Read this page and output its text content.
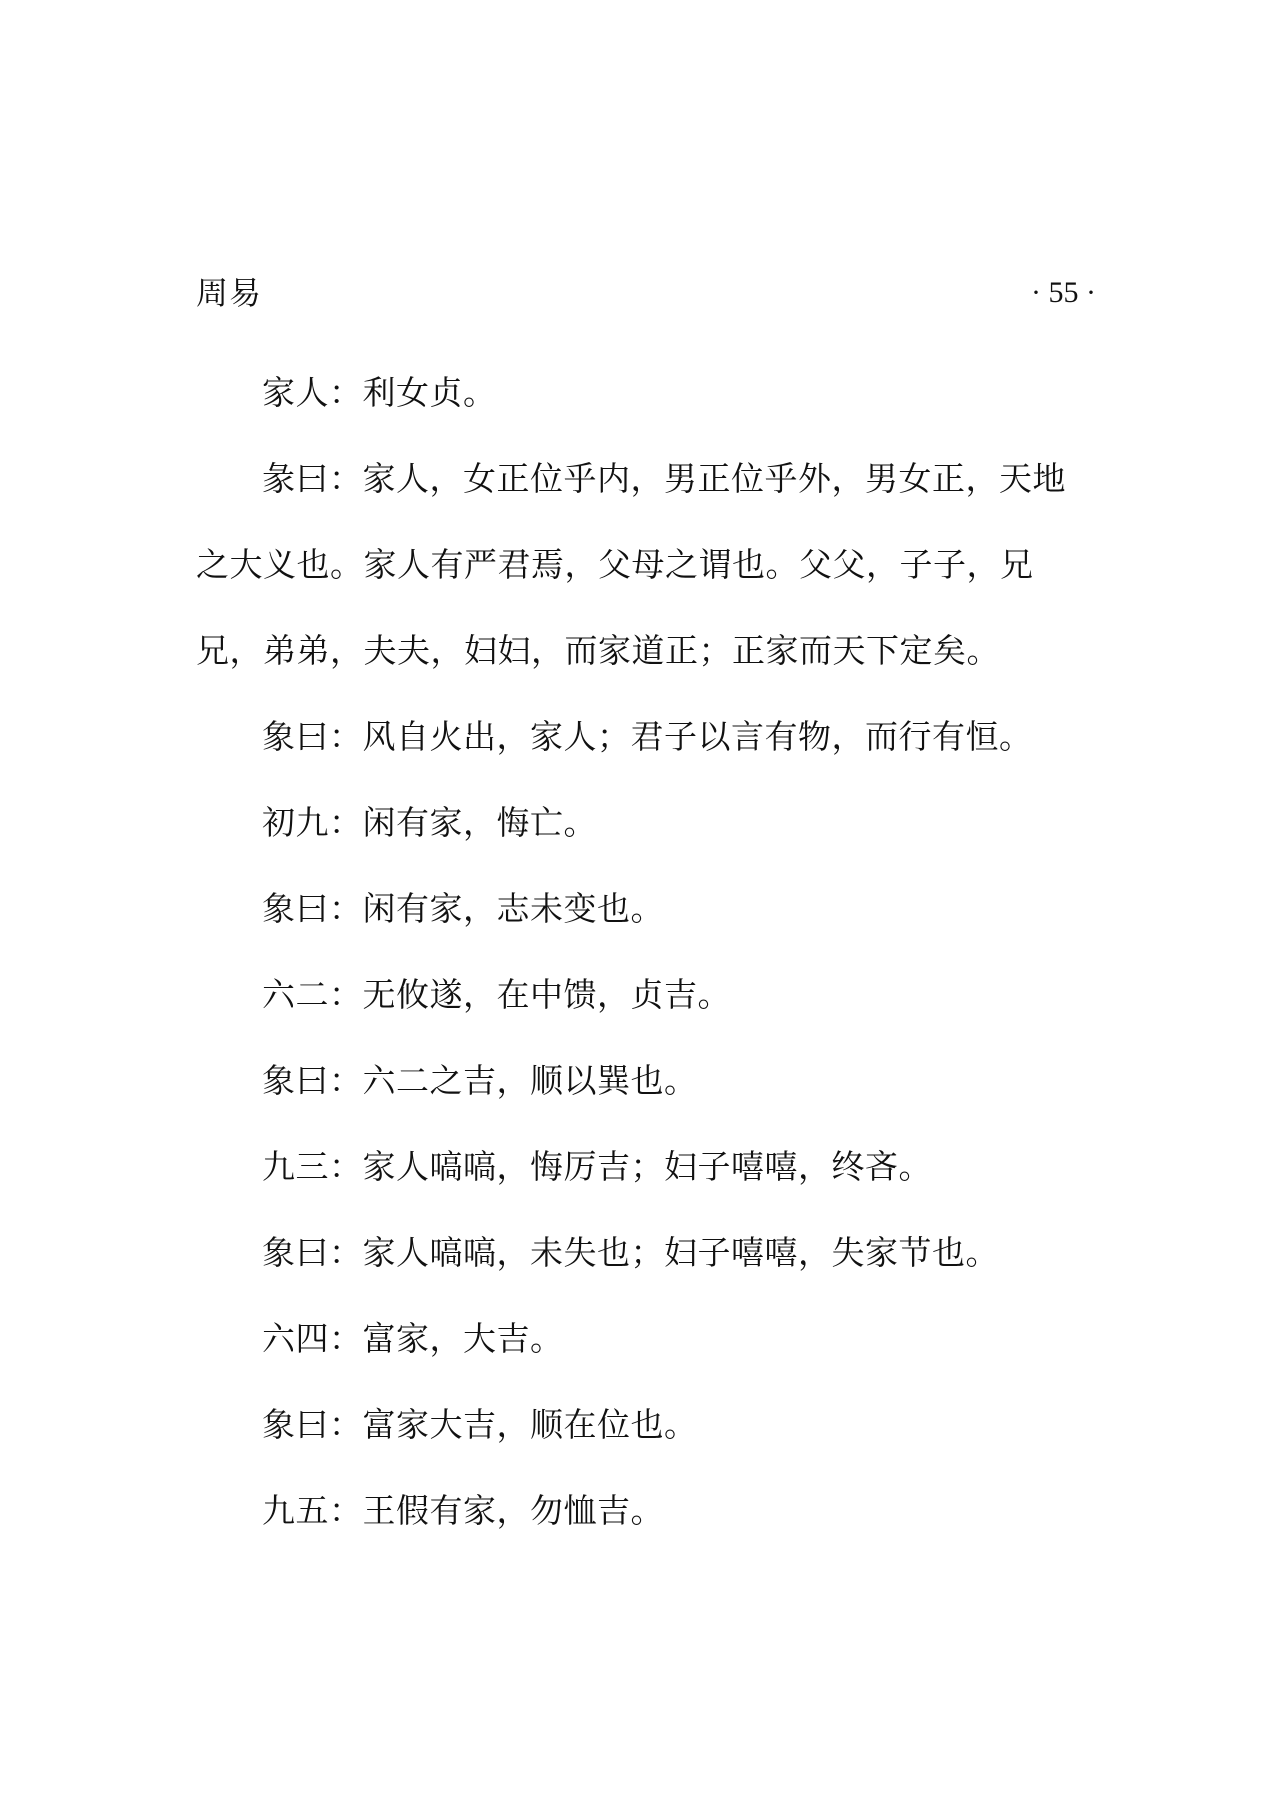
周易	· 55 ·

家人：利女贞。

彖曰：家人，女正位乎内，男正位乎外，男女正，天地之大义也。家人有严君焉，父母之谓也。父父，子子，兄兄，弟弟，夫夫，妇妇，而家道正；正家而天下定矣。

象曰：风自火出，家人；君子以言有物，而行有恒。

初九：闲有家，悔亡。

象曰：闲有家，志未变也。

六二：无攸遂，在中馈，贞吉。

象曰：六二之吉，顺以巽也。

九三：家人嗃嗃，悔厉吉；妇子嘻嘻，终吝。

象曰：家人嗃嗃，未失也；妇子嘻嘻，失家节也。

六四：富家，大吉。

象曰：富家大吉，顺在位也。

九五：王假有家，勿恤吉。
